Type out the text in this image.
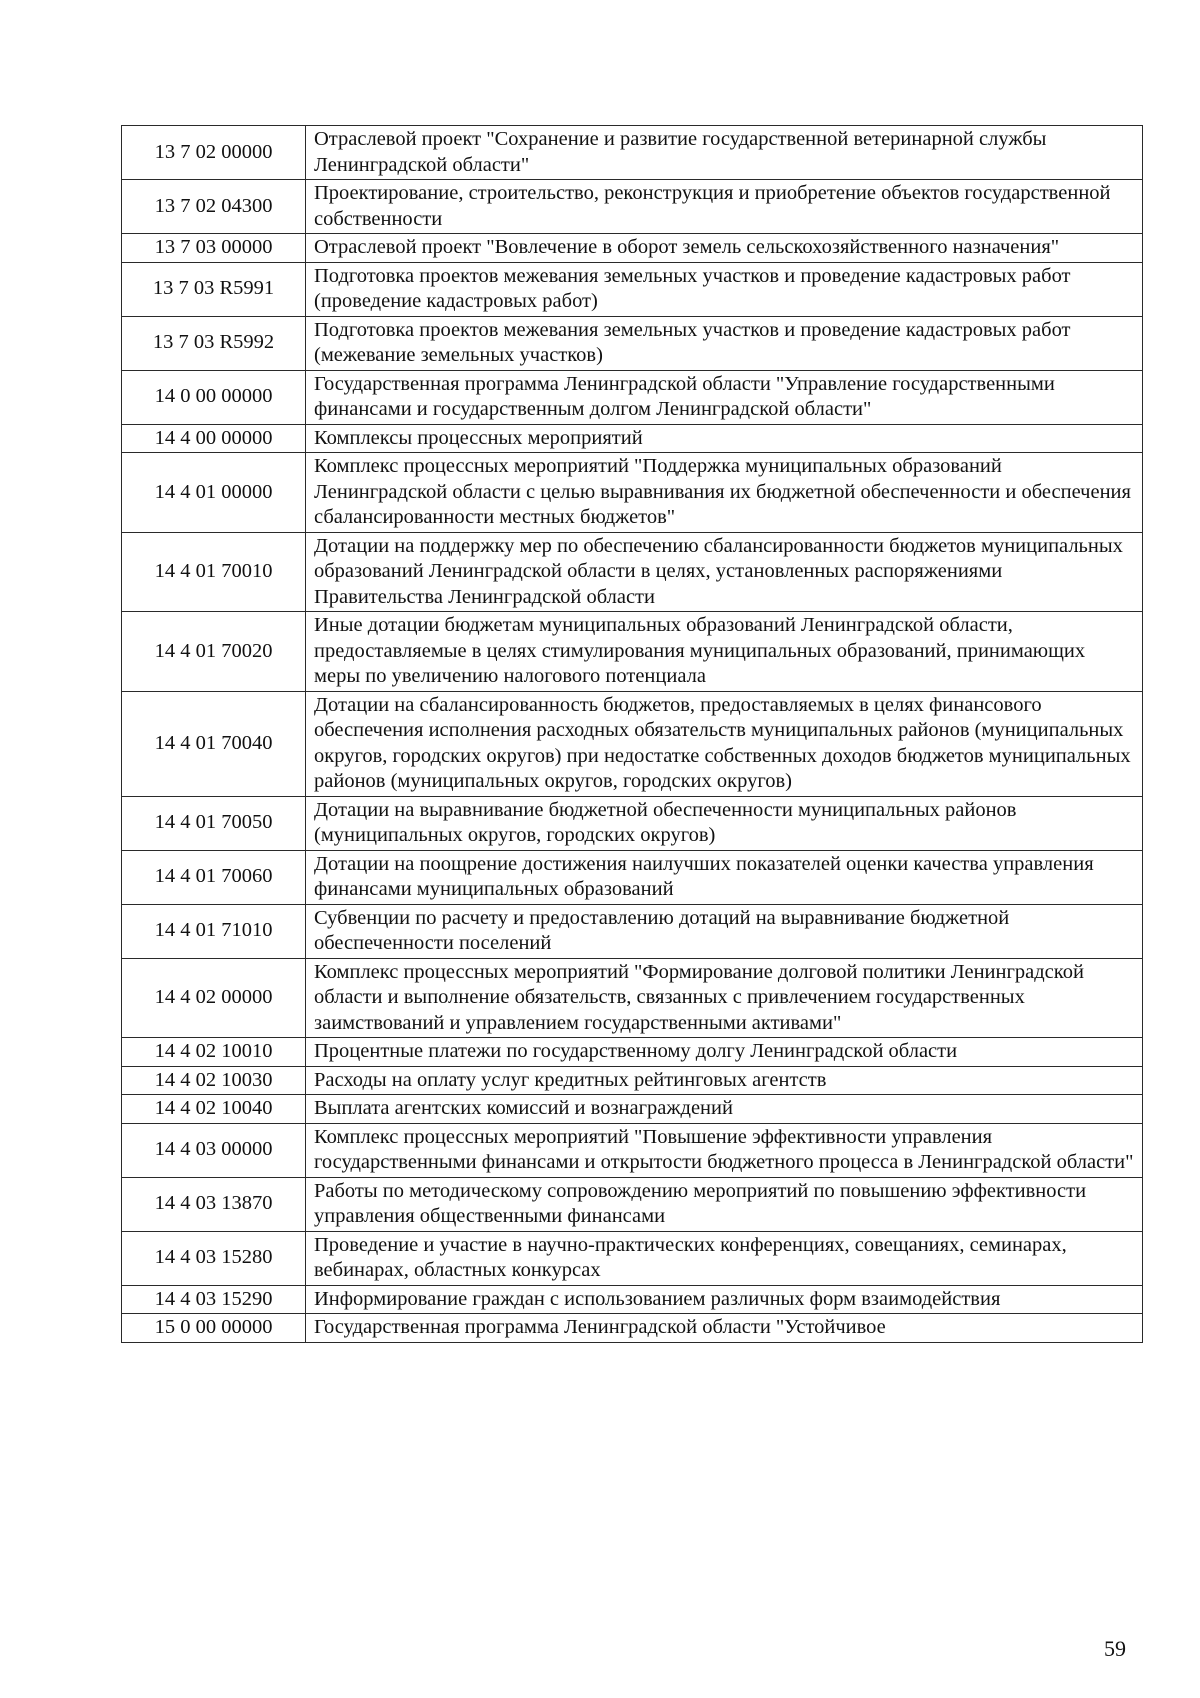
13 7 02 00000	Отраслевой проект "Сохранение и развитие государственной ветеринарной службы Ленинградской области"
13 7 02 04300	Проектирование, строительство, реконструкция и приобретение объектов государственной собственности
13 7 03 00000	Отраслевой проект "Вовлечение в оборот земель сельскохозяйственного назначения"
13 7 03 R5991	Подготовка проектов межевания земельных участков и проведение кадастровых работ (проведение кадастровых работ)
13 7 03 R5992	Подготовка проектов межевания земельных участков и проведение кадастровых работ (межевание земельных участков)
14 0 00 00000	Государственная программа Ленинградской области "Управление государственными финансами и государственным долгом Ленинградской области"
14 4 00 00000	Комплексы процессных мероприятий
14 4 01 00000	Комплекс процессных мероприятий "Поддержка муниципальных образований Ленинградской области с целью выравнивания их бюджетной обеспеченности и обеспечения сбалансированности местных бюджетов"
14 4 01 70010	Дотации на поддержку мер по обеспечению сбалансированности бюджетов муниципальных образований Ленинградской области в целях, установленных распоряжениями Правительства Ленинградской области
14 4 01 70020	Иные дотации бюджетам муниципальных образований Ленинградской области, предоставляемые в целях стимулирования муниципальных образований, принимающих меры по увеличению налогового потенциала
14 4 01 70040	Дотации на сбалансированность бюджетов, предоставляемых в целях финансового обеспечения исполнения расходных обязательств муниципальных районов (муниципальных округов, городских округов) при недостатке собственных доходов бюджетов муниципальных районов (муниципальных округов, городских округов)
14 4 01 70050	Дотации на выравнивание бюджетной обеспеченности муниципальных районов (муниципальных округов, городских округов)
14 4 01 70060	Дотации на поощрение достижения наилучших показателей оценки качества управления финансами муниципальных образований
14 4 01 71010	Субвенции по расчету и предоставлению дотаций на выравнивание бюджетной обеспеченности поселений
14 4 02 00000	Комплекс процессных мероприятий "Формирование долговой политики Ленинградской области и выполнение обязательств, связанных с привлечением государственных заимствований и управлением государственными активами"
14 4 02 10010	Процентные платежи по государственному долгу Ленинградской области
14 4 02 10030	Расходы на оплату услуг кредитных рейтинговых агентств
14 4 02 10040	Выплата агентских комиссий и вознаграждений
14 4 03 00000	Комплекс процессных мероприятий "Повышение эффективности управления государственными финансами и открытости бюджетного процесса в Ленинградской области"
14 4 03 13870	Работы по методическому сопровождению мероприятий по повышению эффективности управления общественными финансами
14 4 03 15280	Проведение и участие в научно-практических конференциях, совещаниях, семинарах, вебинарах, областных конкурсах
14 4 03 15290	Информирование граждан с использованием различных форм взаимодействия
15 0 00 00000	Государственная программа Ленинградской области "Устойчивое
59
